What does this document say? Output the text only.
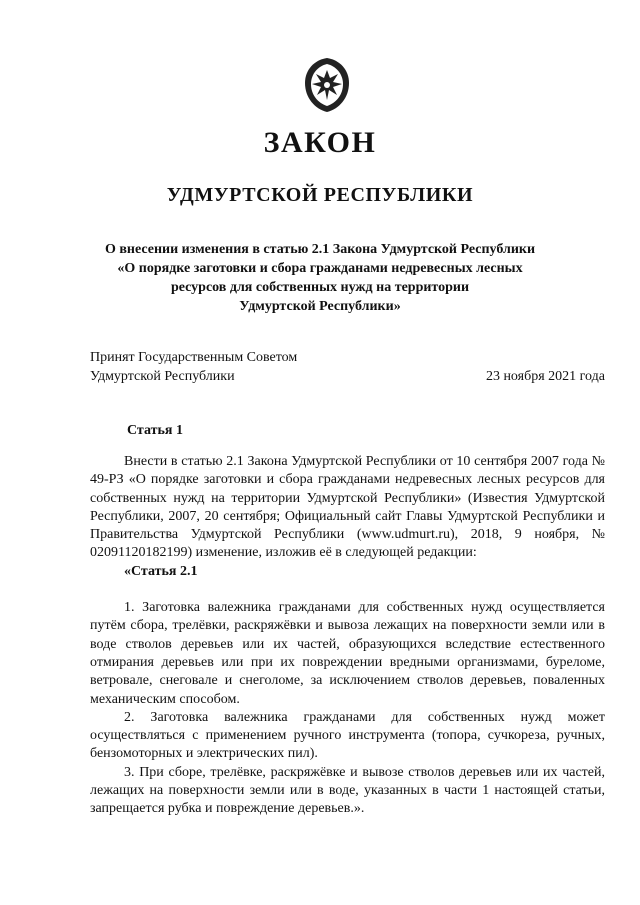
ЗАКОН
УДМУРТСКОЙ РЕСПУБЛИКИ
О внесении изменения в статью 2.1 Закона Удмуртской Республики
«О порядке заготовки и сбора гражданами недревесных лесных
ресурсов для собственных нужд на территории
Удмуртской Республики»
Принят Государственным Советом
Удмуртской Республики	23 ноября 2021 года
Статья 1

Внести в статью 2.1 Закона Удмуртской Республики от 10 сентября 2007 года № 49-РЗ «О порядке заготовки и сбора гражданами недревесных лесных ресурсов для собственных нужд на территории Удмуртской Республики» (Известия Удмуртской Республики, 2007, 20 сентября; Официальный сайт Главы Удмуртской Республики и Правительства Удмуртской Республики (www.udmurt.ru), 2018, 9 ноября, № 02091120182199) изменение, изложив её в следующей редакции:

«Статья 2.1

1. Заготовка валежника гражданами для собственных нужд осуществляется путём сбора, трелёвки, раскряжёвки и вывоза лежащих на поверхности земли или в воде стволов деревьев или их частей, образующихся вследствие естественного отмирания деревьев или при их повреждении вредными организмами, буреломе, ветровале, снеговале и снеголоме, за исключением стволов деревьев, поваленных механическим способом.

2. Заготовка валежника гражданами для собственных нужд может осуществляться с применением ручного инструмента (топора, сучкореза, ручных, бензомоторных и электрических пил).

3. При сборе, трелёвке, раскряжёвке и вывозе стволов деревьев или их частей, лежащих на поверхности земли или в воде, указанных в части 1 настоящей статьи, запрещается рубка и повреждение деревьев.».
